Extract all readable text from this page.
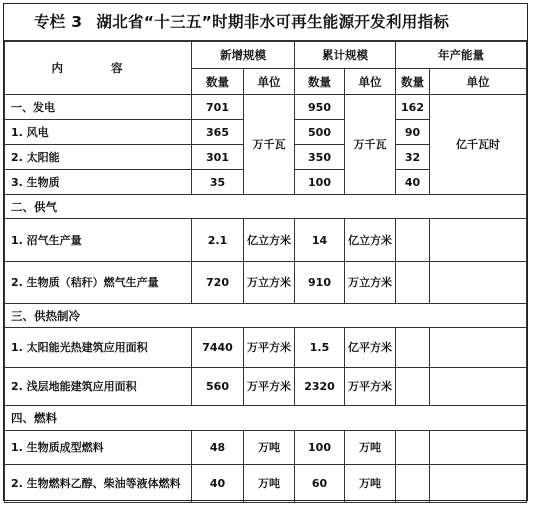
专栏 3 湖北省“十三五”时期非水可再生能源开发利用指标
内 容	新增规模		累计规模		年产能量	
	数量	单位	数量	单位	数量	单位
一、发电	701	万千瓦	950	万千瓦	162	亿千瓦时
1. 风电	365		500		90	
2. 太阳能	301		350		32	
3. 生物质	35		100		40	
二、供气						
1. 沼气生产量	2.1	亿立方米	14	亿立方米		
2. 生物质（秸秆）燃气生产量	720	万立方米	910	万立方米		
三、供热制冷						
1. 太阳能光热建筑应用面积	7440	万平方米	1.5	亿平方米		
2. 浅层地能建筑应用面积	560	万平方米	2320	万平方米		
四、燃料						
1. 生物质成型燃料	48	万吨	100	万吨		
2. 生物燃料乙醇、柴油等液体燃料	40	万吨	60	万吨		
